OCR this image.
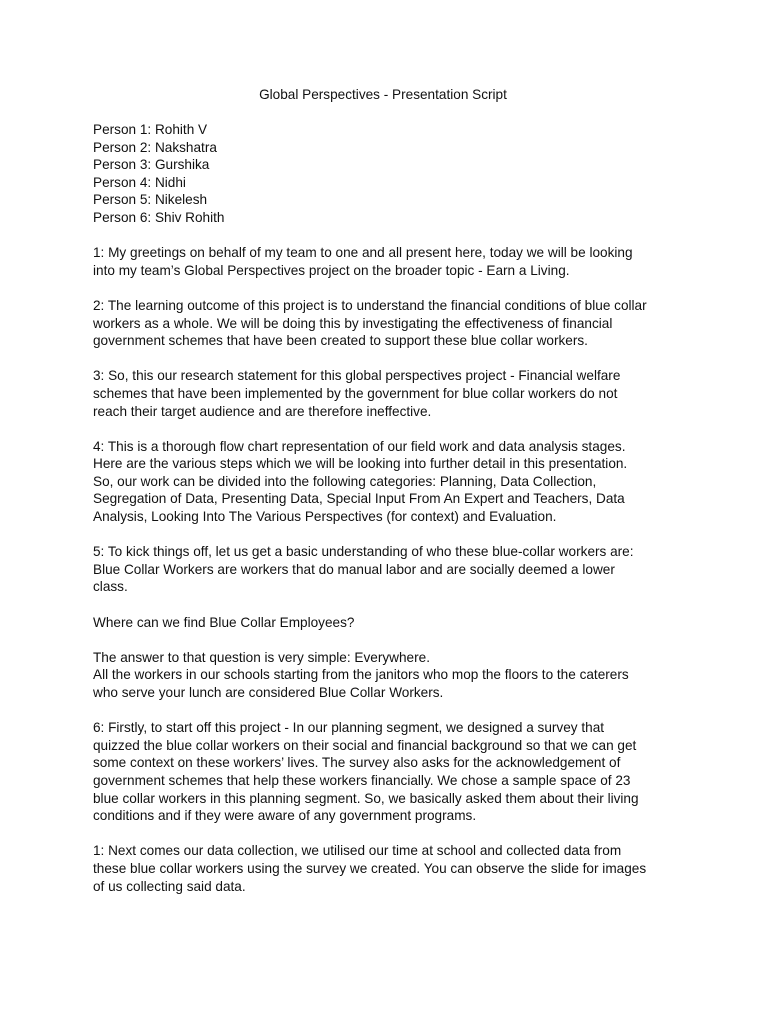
Global Perspectives - Presentation Script
Person 1: Rohith V
Person 2: Nakshatra
Person 3: Gurshika
Person 4: Nidhi
Person 5: Nikelesh
Person 6: Shiv Rohith
1: My greetings on behalf of my team to one and all present here, today we will be looking
into my team’s Global Perspectives project on the broader topic - Earn a Living.
2: The learning outcome of this project is to understand the financial conditions of blue collar
workers as a whole. We will be doing this by investigating the effectiveness of financial
government schemes that have been created to support these blue collar workers.
3: So, this our research statement for this global perspectives project - Financial welfare
schemes that have been implemented by the government for blue collar workers do not
reach their target audience and are therefore ineffective.
4: This is a thorough flow chart representation of our field work and data analysis stages.
Here are the various steps which we will be looking into further detail in this presentation.
So, our work can be divided into the following categories: Planning, Data Collection,
Segregation of Data, Presenting Data, Special Input From An Expert and Teachers, Data
Analysis, Looking Into The Various Perspectives (for context) and Evaluation.
5: To kick things off, let us get a basic understanding of who these blue-collar workers are:
Blue Collar Workers are workers that do manual labor and are socially deemed a lower
class.
Where can we find Blue Collar Employees?
The answer to that question is very simple: Everywhere.
All the workers in our schools starting from the janitors who mop the floors to the caterers
who serve your lunch are considered Blue Collar Workers.
6: Firstly, to start off this project - In our planning segment, we designed a survey that
quizzed the blue collar workers on their social and financial background so that we can get
some context on these workers’ lives. The survey also asks for the acknowledgement of
government schemes that help these workers financially. We chose a sample space of 23
blue collar workers in this planning segment. So, we basically asked them about their living
conditions and if they were aware of any government programs.
1: Next comes our data collection, we utilised our time at school and collected data from
these blue collar workers using the survey we created. You can observe the slide for images
of us collecting said data.
